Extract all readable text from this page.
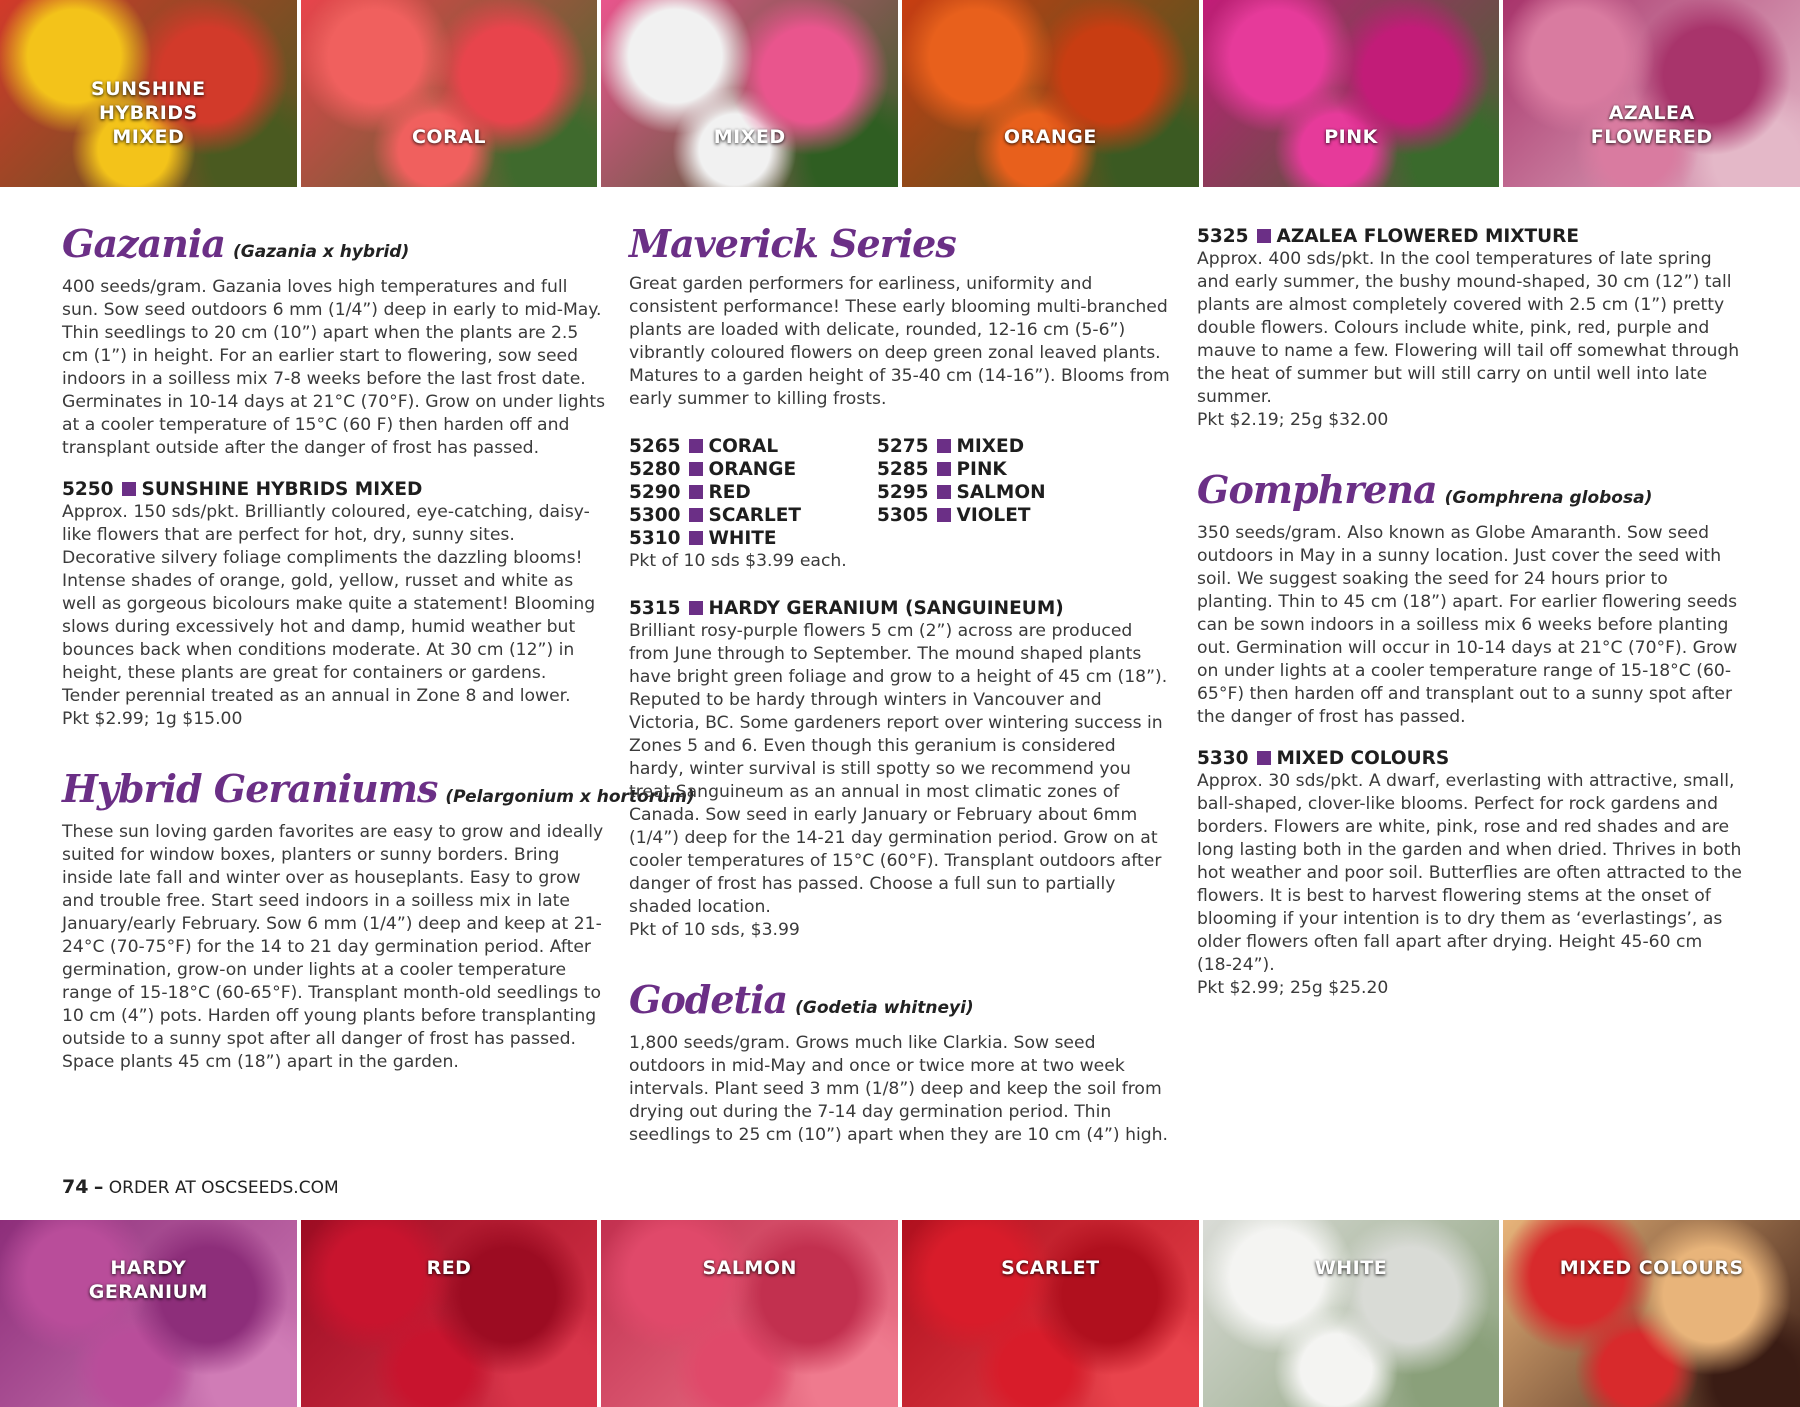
SUNSHINE
HYBRIDS
MIXED	CORAL	MIXED	ORANGE	PINK
AZALEA
FLOWERED
Gazania (Gazania x hybrid)

400 seeds/gram. Gazania loves high temperatures and full sun. Sow seed outdoors 6 mm (1/4”) deep in early to mid-May. Thin seedlings to 20 cm (10”) apart when the plants are 2.5 cm (1”) in height. For an earlier start to flowering, sow seed indoors in a soilless mix 7-8 weeks before the last frost date. Germinates in 10-14 days at 21°C (70°F). Grow on under lights at a cooler temperature of 15°C (60 F) then harden off and transplant outside after the danger of frost has passed.

5250 SUNSHINE HYBRIDS MIXED

Approx. 150 sds/pkt. Brilliantly coloured, eye-catching, daisy-like flowers that are perfect for hot, dry, sunny sites. Decorative silvery foliage compliments the dazzling blooms! Intense shades of orange, gold, yellow, russet and white as well as gorgeous bicolours make quite a statement! Blooming slows during excessively hot and damp, humid weather but bounces back when conditions moderate. At 30 cm (12”) in height, these plants are great for containers or gardens. Tender perennial treated as an annual in Zone 8 and lower.

Pkt $2.99; 1g $15.00

Hybrid Geraniums (Pelargonium x hortorum)

These sun loving garden favorites are easy to grow and ideally suited for window boxes, planters or sunny borders. Bring inside late fall and winter over as houseplants. Easy to grow and trouble free. Start seed indoors in a soilless mix in late January/early February. Sow 6 mm (1/4”) deep and keep at 21-24°C (70-75°F) for the 14 to 21 day germination period. After germination, grow-on under lights at a cooler temperature range of 15-18°C (60-65°F). Transplant month-old seedlings to 10 cm (4”) pots. Harden off young plants before transplanting outside to a sunny spot after all danger of frost has passed. Space plants 45 cm (18”) apart in the garden.

Maverick Series

Great garden performers for earliness, uniformity and consistent performance! These early blooming multi-branched plants are loaded with delicate, rounded, 12-16 cm (5-6”) vibrantly coloured flowers on deep green zonal leaved plants. Matures to a garden height of 35-40 cm (14-16”). Blooms from early summer to killing frosts.

5265 CORAL	5275 MIXED
5280 ORANGE	5285 PINK
5290 RED	5295 SALMON
5300 SCARLET	5305 VIOLET
5310 WHITE

Pkt of 10 sds $3.99 each.

5315 HARDY GERANIUM (SANGUINEUM)

Brilliant rosy-purple flowers 5 cm (2”) across are produced from June through to September. The mound shaped plants have bright green foliage and grow to a height of 45 cm (18”). Reputed to be hardy through winters in Vancouver and Victoria, BC. Some gardeners report over wintering success in Zones 5 and 6. Even though this geranium is considered hardy, winter survival is still spotty so we recommend you treat Sanguineum as an annual in most climatic zones of Canada. Sow seed in early January or February about 6mm (1/4”) deep for the 14-21 day germination period. Grow on at cooler temperatures of 15°C (60°F). Transplant outdoors after danger of frost has passed. Choose a full sun to partially shaded location.

Pkt of 10 sds, $3.99

Godetia (Godetia whitneyi)

1,800 seeds/gram. Grows much like Clarkia. Sow seed outdoors in mid-May and once or twice more at two week intervals. Plant seed 3 mm (1/8”) deep and keep the soil from drying out during the 7-14 day germination period. Thin seedlings to 25 cm (10”) apart when they are 10 cm (4”) high.

5325 AZALEA FLOWERED MIXTURE

Approx. 400 sds/pkt. In the cool temperatures of late spring and early summer, the bushy mound-shaped, 30 cm (12”) tall plants are almost completely covered with 2.5 cm (1”) pretty double flowers. Colours include white, pink, red, purple and mauve to name a few. Flowering will tail off somewhat through the heat of summer but will still carry on until well into late summer.

Pkt $2.19; 25g $32.00

Gomphrena (Gomphrena globosa)

350 seeds/gram. Also known as Globe Amaranth. Sow seed outdoors in May in a sunny location. Just cover the seed with soil. We suggest soaking the seed for 24 hours prior to planting. Thin to 45 cm (18”) apart. For earlier flowering seeds can be sown indoors in a soilless mix 6 weeks before planting out. Germination will occur in 10-14 days at 21°C (70°F). Grow on under lights at a cooler temperature range of 15-18°C (60-65°F) then harden off and transplant out to a sunny spot after the danger of frost has passed.

5330 MIXED COLOURS

Approx. 30 sds/pkt. A dwarf, everlasting with attractive, small, ball-shaped, clover-like blooms. Perfect for rock gardens and borders. Flowers are white, pink, rose and red shades and are long lasting both in the garden and when dried. Thrives in both hot weather and poor soil. Butterflies are often attracted to the flowers. It is best to harvest flowering stems at the onset of blooming if your intention is to dry them as ‘everlastings’, as older flowers often fall apart after drying. Height 45-60 cm (18-24”).

Pkt $2.99; 25g $25.20

74 – ORDER AT OSCSEEDS.COM
HARDY
GERANIUM
RED	SALMON	SCARLET	WHITE	MIXED COLOURS
